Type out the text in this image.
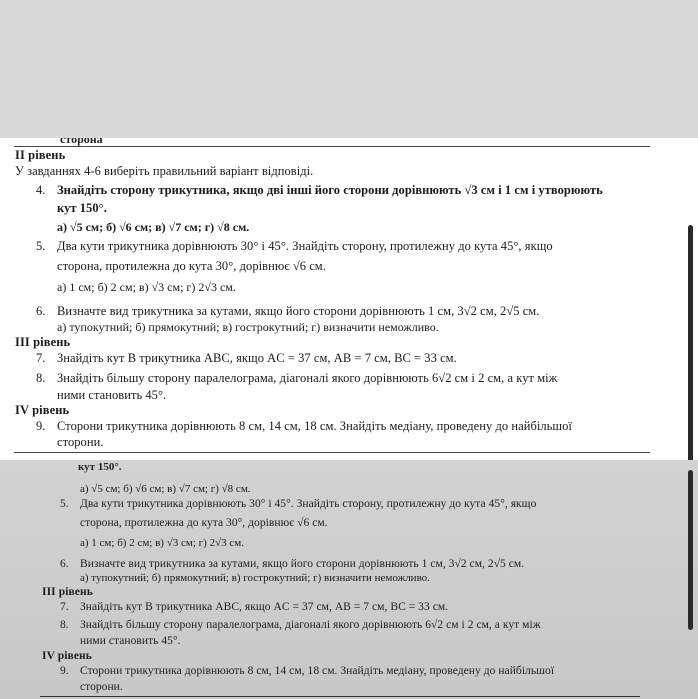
сторона
II рівень
У завданнях 4-6 виберіть правильний варіант відповіді.
4. Знайдіть сторону трикутника, якщо дві інші його сторони дорівнюють √3 см і 1 см і утворюють
кут 150°.
а) √5 см; б) √6 см; в) √7 см; г) √8 см.
5. Два кути трикутника дорівнюють 30° і 45°. Знайдіть сторону, протилежну до кута 45°, якщо
сторона, протилежна до кута 30°, дорівнює √6 см.
а) 1 см; б) 2 см; в) √3 см; г) 2√3 см.
6. Визначте вид трикутника за кутами, якщо його сторони дорівнюють 1 см, 3√2 см, 2√5 см.
а) тупокутний; б) прямокутний; в) гострокутний; г) визначити неможливо.
III рівень
7. Знайдіть кут B трикутника ABC, якщо AC = 37 см, AB = 7 см, BC = 33 см.
8. Знайдіть більшу сторону паралелограма, діагоналі якого дорівнюють 6√2 см і 2 см, а кут між
ними становить 45°.
IV рівень
9. Сторони трикутника дорівнюють 8 см, 14 см, 18 см. Знайдіть медіану, проведену до найбільшої
сторони.
кут 150°.
а) √5 см; б) √6 см; в) √7 см; г) √8 см.
5. Два кути трикутника дорівнюють 30° і 45°. Знайдіть сторону, протилежну до кута 45°, якщо
сторона, протилежна до кута 30°, дорівнює √6 см.
а) 1 см; б) 2 см; в) √3 см; г) 2√3 см.
6. Визначте вид трикутника за кутами, якщо його сторони дорівнюють 1 см, 3√2 см, 2√5 см.
а) тупокутний; б) прямокутний; в) гострокутний; г) визначити неможливо.
III рівень
7. Знайдіть кут B трикутника ABC, якщо AC = 37 см, AB = 7 см, BC = 33 см.
8. Знайдіть більшу сторону паралелограма, діагоналі якого дорівнюють 6√2 см і 2 см, а кут між
ними становить 45°.
IV рівень
9. Сторони трикутника дорівнюють 8 см, 14 см, 18 см. Знайдіть медіану, проведену до найбільшої
сторони.
